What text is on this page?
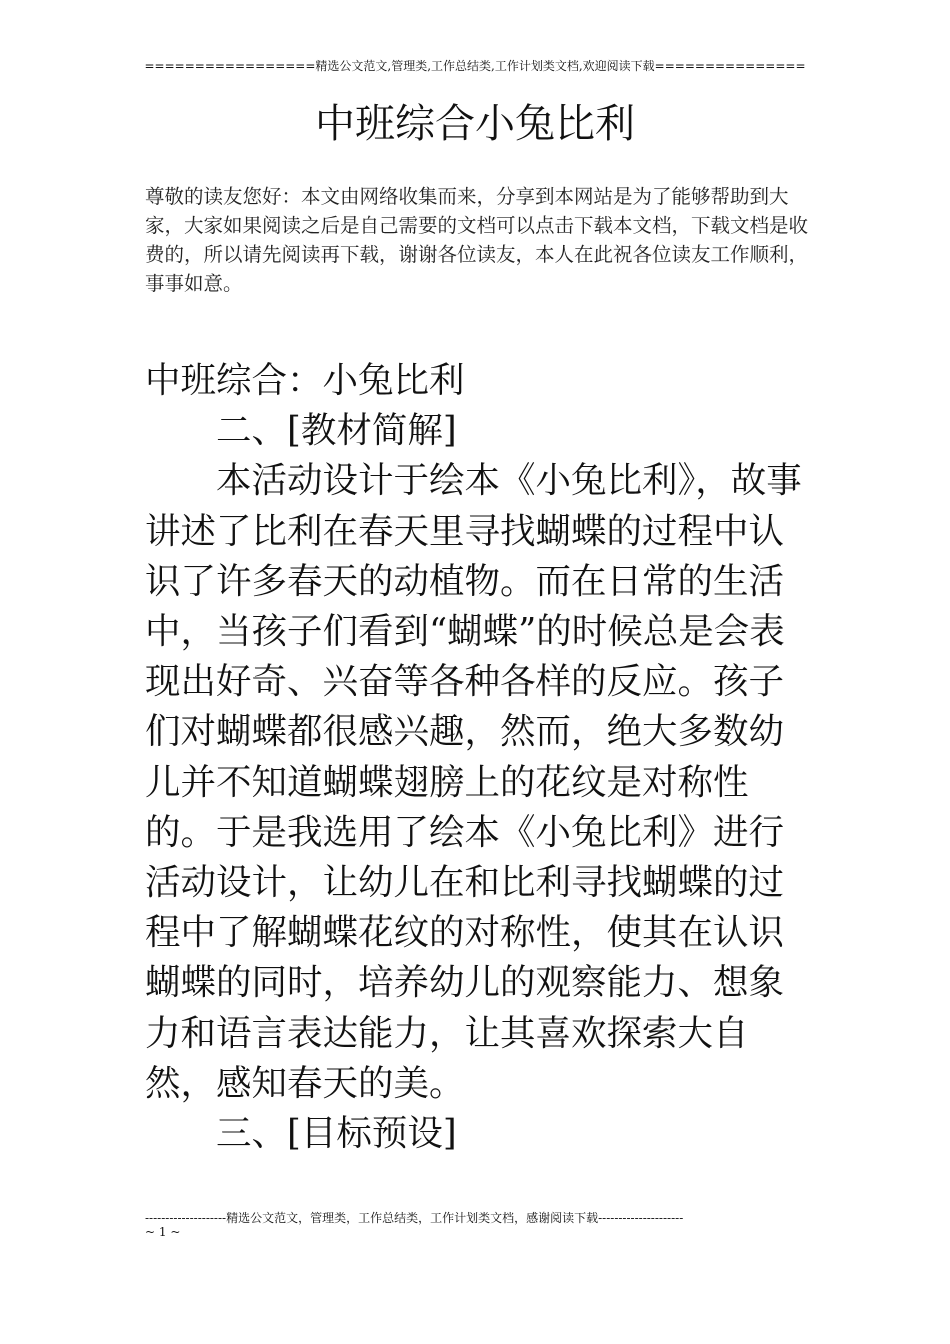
=================精选公文范文,管理类,工作总结类,工作计划类文档,欢迎阅读下载===============
中班综合小兔比利

尊敬的读友您好：本文由网络收集而来，分享到本网站是为了能够帮助到大家，大家如果阅读之后是自己需要的文档可以点击下载本文档，下载文档是收费的，所以请先阅读再下载，谢谢各位读友，本人在此祝各位读友工作顺利，事事如意。

中班综合：小兔比利

二、[教材简解]

本活动设计于绘本《小兔比利》，故事讲述了比利在春天里寻找蝴蝶的过程中认识了许多春天的动植物。而在日常的生活中，当孩子们看到“蝴蝶”的时候总是会表现出好奇、兴奋等各种各样的反应。孩子们对蝴蝶都很感兴趣，然而，绝大多数幼儿并不知道蝴蝶翅膀上的花纹是对称性的。于是我选用了绘本《小兔比利》进行活动设计，让幼儿在和比利寻找蝴蝶的过程中了解蝴蝶花纹的对称性，使其在认识蝴蝶的同时，培养幼儿的观察能力、想象力和语言表达能力，让其喜欢探索大自然，感知春天的美。

三、[目标预设]

--------------------精选公文范文，管理类，工作总结类，工作计划类文档，感谢阅读下载---------------------
~ 1 ~
